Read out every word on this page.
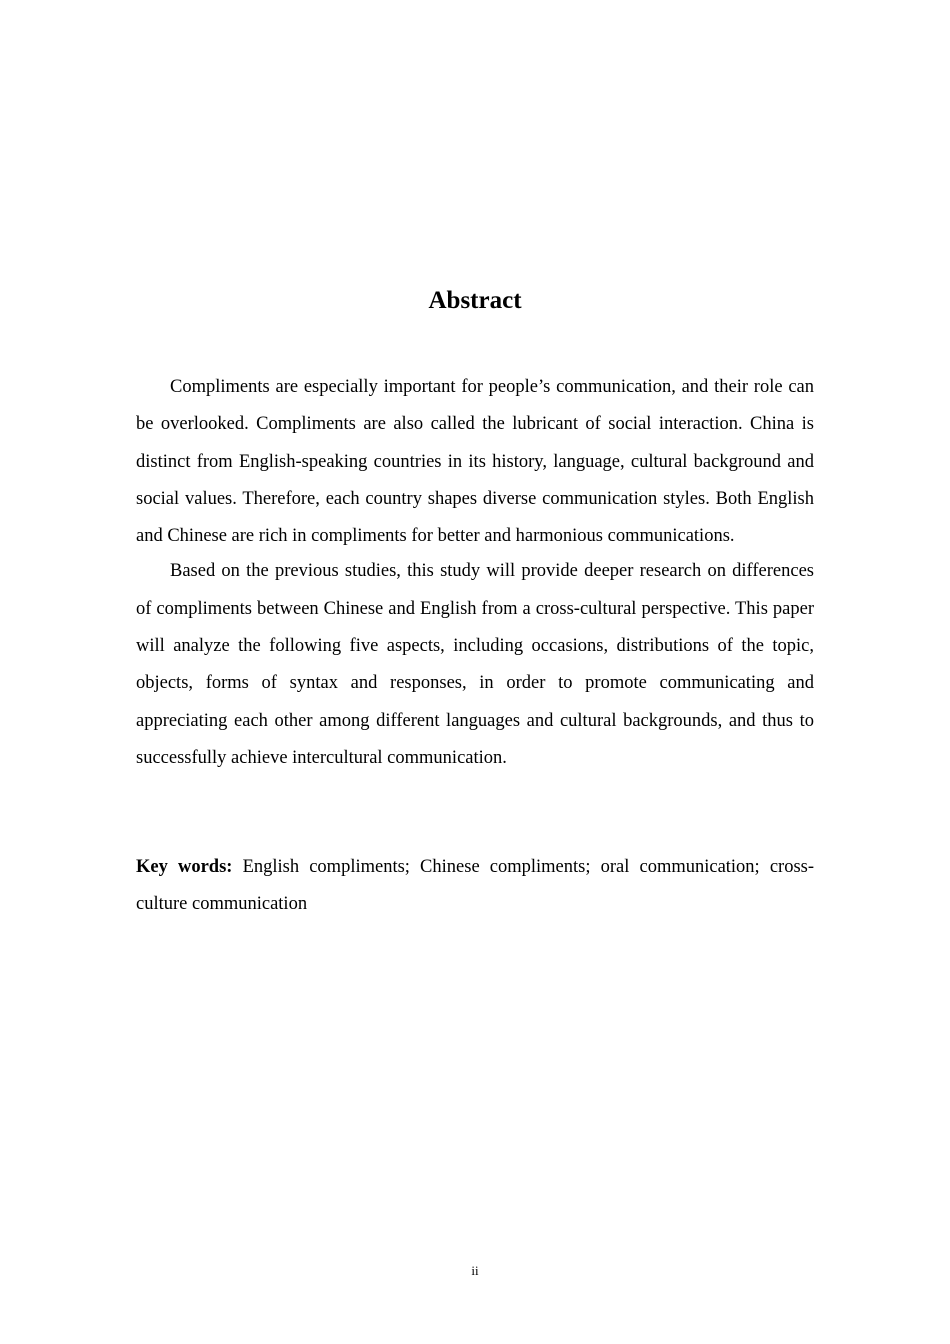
Abstract

Compliments are especially important for people’s communication, and their role can be overlooked. Compliments are also called the lubricant of social interaction. China is distinct from English-speaking countries in its history, language, cultural background and social values. Therefore, each country shapes diverse communication styles. Both English and Chinese are rich in compliments for better and harmonious communications.

Based on the previous studies, this study will provide deeper research on differences of compliments between Chinese and English from a cross-cultural perspective. This paper will analyze the following five aspects, including occasions, distributions of the topic, objects, forms of syntax and responses, in order to promote communicating and appreciating each other among different languages and cultural backgrounds, and thus to successfully achieve intercultural communication.

Key words: English compliments; Chinese compliments; oral communication; cross-culture communication
ii
